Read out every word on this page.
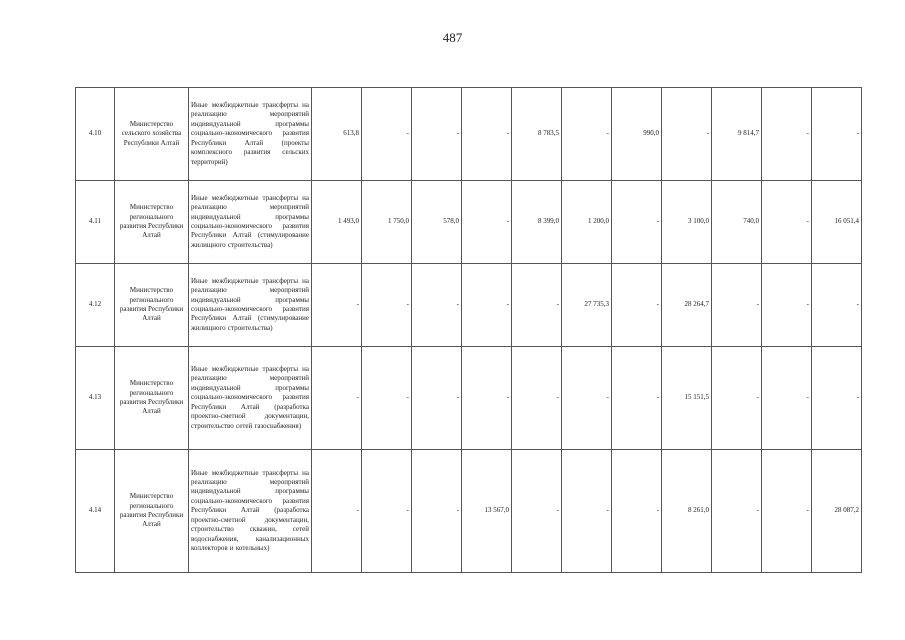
487
4.10	Министерство сельского хозяйства Республики Алтай	Иные межбюджетные трансферты на реализацию мероприятий индивидуальной программы социально-экономического развития Республики Алтай (проекты комплексного развития сельских территорий)	613,8	-	-	-	8 783,5	-	990,0	-	9 814,7	-	-
4.11	Министерство регионального развития Республики Алтай	Иные межбюджетные трансферты на реализацию мероприятий индивидуальной программы социально-экономического развития Республики Алтай (стимулирование жилищного строительства)	1 493,0	1 750,0	578,0	-	8 399,0	1 200,0	-	3 100,0	740,0	-	16 051,4
4.12	Министерство регионального развития Республики Алтай	Иные межбюджетные трансферты на реализацию мероприятий индивидуальной программы социально-экономического развития Республики Алтай (стимулирование жилищного строительства)	-	-	-	-	-	27 735,3	-	28 264,7	-	-	-
4.13	Министерство регионального развития Республики Алтай	Иные межбюджетные трансферты на реализацию мероприятий индивидуальной программы социально-экономического развития Республики Алтай (разработка проектно-сметной документации, строительство сетей газоснабжения)	-	-	-	-	-	-	-	15 151,5	-	-	-
4.14	Министерство регионального развития Республики Алтай	Иные межбюджетные трансферты на реализацию мероприятий индивидуальной программы социально-экономического развития Республики Алтай (разработка проектно-сметной документации, строительство скважин, сетей водоснабжения, канализационных коллекторов и котельных)	-	-	-	13 567,0	-	-	-	8 261,0	-	-	28 087,2
